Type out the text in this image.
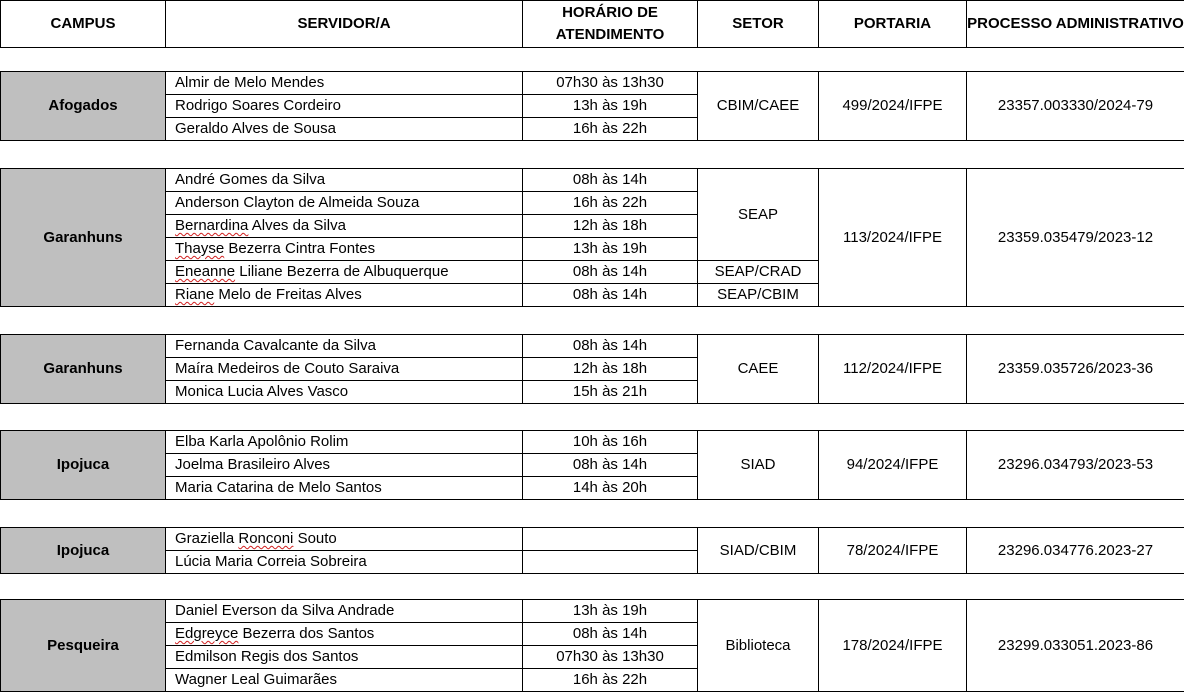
CAMPUS	SERVIDOR/A	HORÁRIO DE ATENDIMENTO	SETOR	PORTARIA	PROCESSO ADMINISTRATIVO
Afogados	Almir de Melo Mendes	07h30 às 13h30	CBIM/CAEE	499/2024/IFPE	23357.003330/2024-79
	Rodrigo Soares Cordeiro	13h às 19h			
	Geraldo Alves de Sousa	16h às 22h			
Garanhuns	André Gomes da Silva	08h às 14h	SEAP	113/2024/IFPE	23359.035479/2023-12
	Anderson Clayton de Almeida Souza	16h às 22h			
	Bernardina Alves da Silva	12h às 18h			
	Thayse Bezerra Cintra Fontes	13h às 19h			
	Eneanne Liliane Bezerra de Albuquerque	08h às 14h	SEAP/CRAD		
	Riane Melo de Freitas Alves	08h às 14h	SEAP/CBIM		
Garanhuns	Fernanda Cavalcante da Silva	08h às 14h	CAEE	112/2024/IFPE	23359.035726/2023-36
	Maíra Medeiros de Couto Saraiva	12h às 18h			
	Monica Lucia Alves Vasco	15h às 21h			
Ipojuca	Elba Karla Apolônio Rolim	10h às 16h	SIAD	94/2024/IFPE	23296.034793/2023-53
	Joelma Brasileiro Alves	08h às 14h			
	Maria Catarina de Melo Santos	14h às 20h			
Ipojuca	Graziella Ronconi Souto		SIAD/CBIM	78/2024/IFPE	23296.034776.2023-27
	Lúcia Maria Correia Sobreira				
Pesqueira	Daniel Everson da Silva Andrade	13h às 19h	Biblioteca	178/2024/IFPE	23299.033051.2023-86
	Edgreyce Bezerra dos Santos	08h às 14h			
	Edmilson Regis dos Santos	07h30 às 13h30			
	Wagner Leal Guimarães	16h às 22h			
